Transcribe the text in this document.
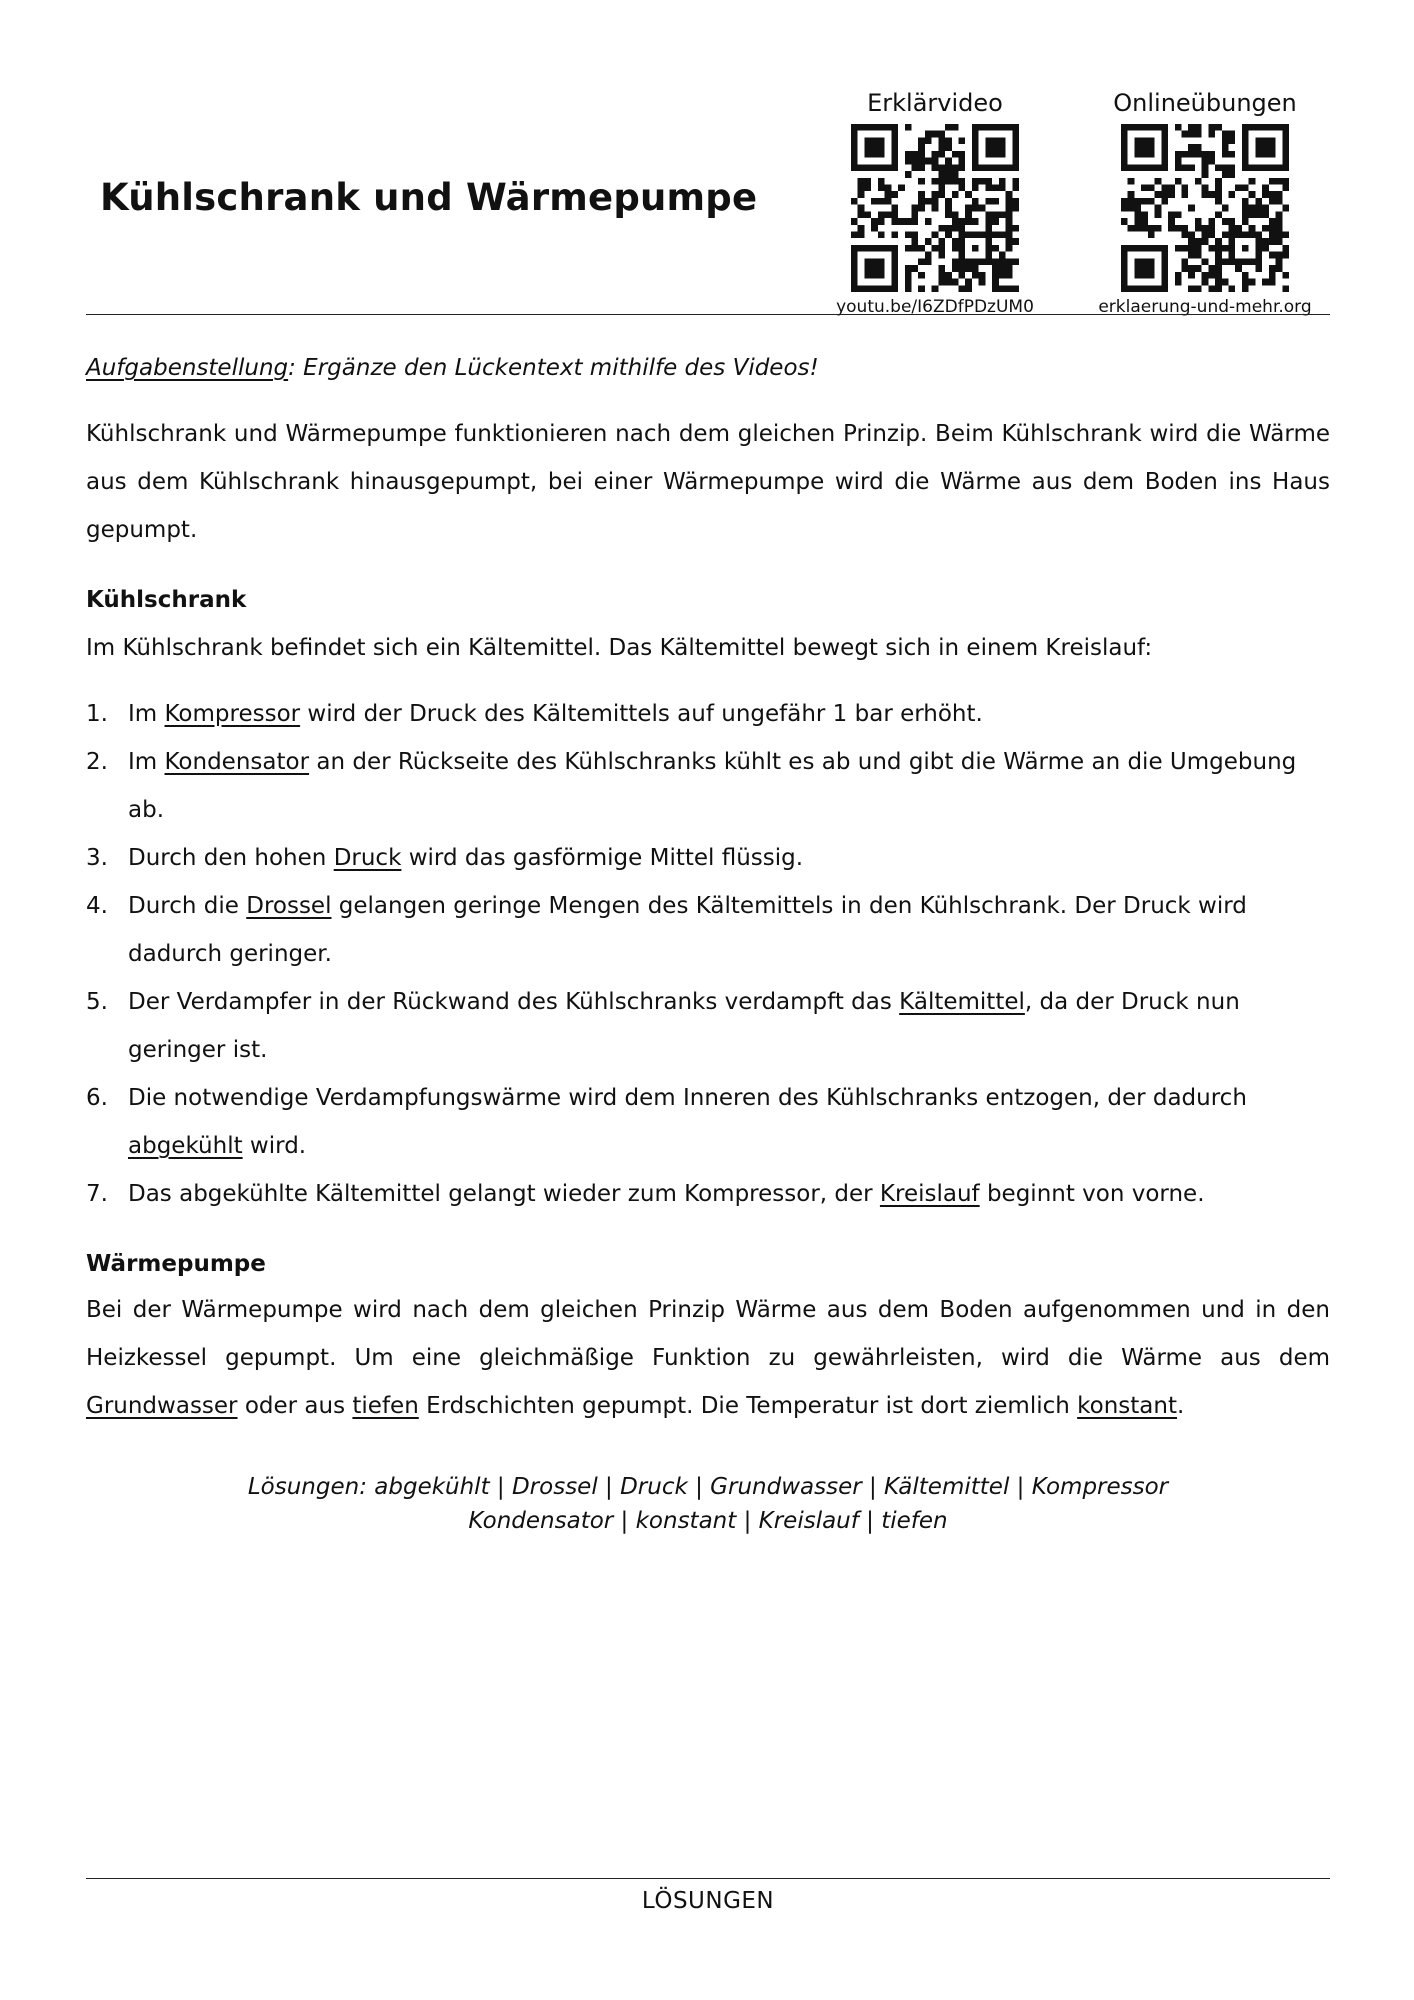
Kühlschrank und Wärmepumpe
Erklärvideo
youtu.be/I6ZDfPDzUM0
Onlineübungen
erklaerung-und-mehr.org
Aufgabenstellung: Ergänze den Lückentext mithilfe des Videos!
Kühlschrank und Wärmepumpe funktionieren nach dem gleichen Prinzip. Beim Kühlschrank wird die Wärme aus dem Kühlschrank hinausgepumpt, bei einer Wärmepumpe wird die Wärme aus dem Boden ins Haus gepumpt.
Kühlschrank
Im Kühlschrank befindet sich ein Kältemittel. Das Kältemittel bewegt sich in einem Kreislauf:
1. Im Kompressor wird der Druck des Kältemittels auf ungefähr 1 bar erhöht.
2. Im Kondensator an der Rückseite des Kühlschranks kühlt es ab und gibt die Wärme an die Umgebung ab.
3. Durch den hohen Druck wird das gasförmige Mittel flüssig.
4. Durch die Drossel gelangen geringe Mengen des Kältemittels in den Kühlschrank. Der Druck wird dadurch geringer.
5. Der Verdampfer in der Rückwand des Kühlschranks verdampft das Kältemittel, da der Druck nun geringer ist.
6. Die notwendige Verdampfungswärme wird dem Inneren des Kühlschranks entzogen, der dadurch abgekühlt wird.
7. Das abgekühlte Kältemittel gelangt wieder zum Kompressor, der Kreislauf beginnt von vorne.
Wärmepumpe
Bei der Wärmepumpe wird nach dem gleichen Prinzip Wärme aus dem Boden aufgenommen und in den Heizkessel gepumpt. Um eine gleichmäßige Funktion zu gewährleisten, wird die Wärme aus dem Grundwasser oder aus tiefen Erdschichten gepumpt. Die Temperatur ist dort ziemlich konstant.
Lösungen: abgekühlt | Drossel | Druck | Grundwasser | Kältemittel | Kompressor
Kondensator | konstant | Kreislauf | tiefen
LÖSUNGEN
